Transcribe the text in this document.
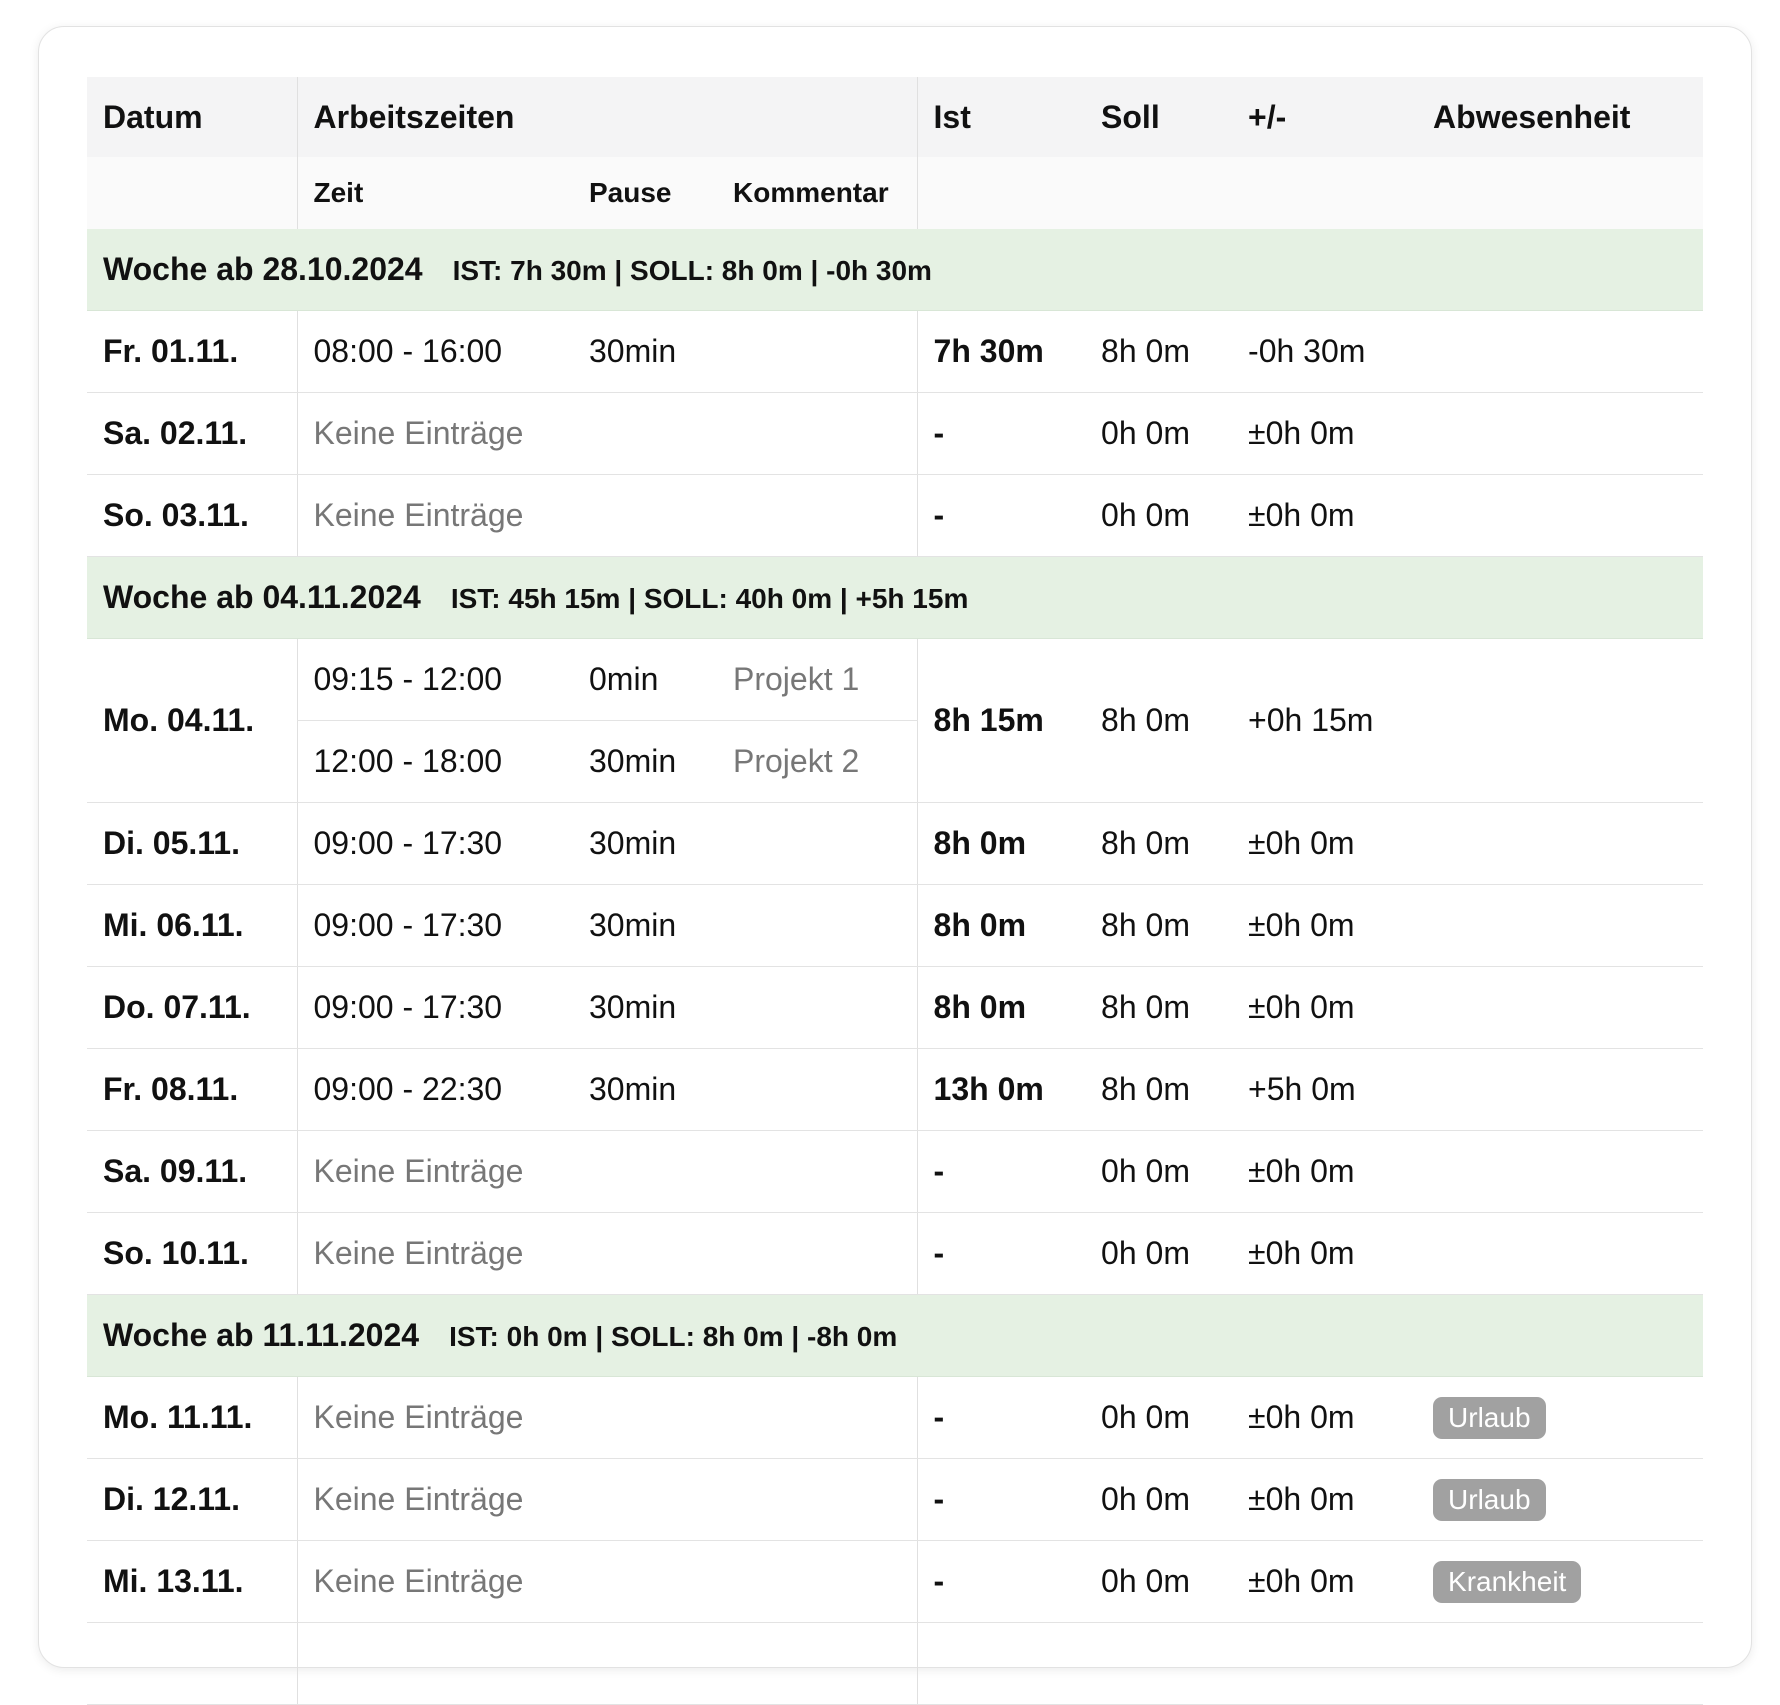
Datum	Arbeitszeiten			Ist	Soll	+/-	Abwesenheit
	Zeit	Pause	Kommentar				
Woche ab 28.10.2024 IST: 7h 30m | SOLL: 8h 0m | -0h 30m							
Fr. 01.11.	08:00 - 16:00	30min		7h 30m	8h 0m	-0h 30m	
Sa. 02.11.	Keine Einträge			-	0h 0m	±0h 0m	
So. 03.11.	Keine Einträge			-	0h 0m	±0h 0m	
Woche ab 04.11.2024 IST: 45h 15m | SOLL: 40h 0m | +5h 15m							
Mo. 04.11.	09:15 - 12:00	0min	Projekt 1	8h 15m	8h 0m	+0h 15m	
	12:00 - 18:00	30min	Projekt 2				
Di. 05.11.	09:00 - 17:30	30min		8h 0m	8h 0m	±0h 0m	
Mi. 06.11.	09:00 - 17:30	30min		8h 0m	8h 0m	±0h 0m	
Do. 07.11.	09:00 - 17:30	30min		8h 0m	8h 0m	±0h 0m	
Fr. 08.11.	09:00 - 22:30	30min		13h 0m	8h 0m	+5h 0m	
Sa. 09.11.	Keine Einträge			-	0h 0m	±0h 0m	
So. 10.11.	Keine Einträge			-	0h 0m	±0h 0m	
Woche ab 11.11.2024 IST: 0h 0m | SOLL: 8h 0m | -8h 0m							
Mo. 11.11.	Keine Einträge			-	0h 0m	±0h 0m	Urlaub
Di. 12.11.	Keine Einträge			-	0h 0m	±0h 0m	Urlaub
Mi. 13.11.	Keine Einträge			-	0h 0m	±0h 0m	Krankheit
